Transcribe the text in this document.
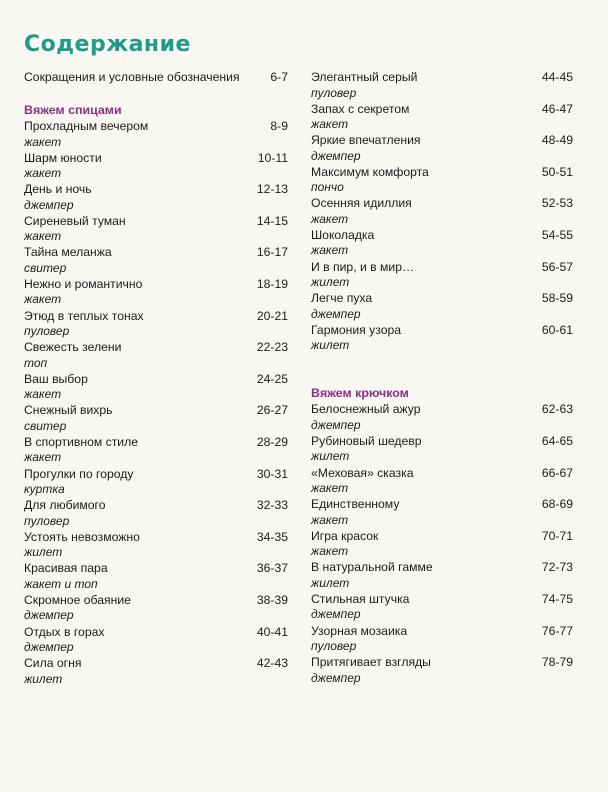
Содержание
Сокращения и условные обозначения	6-7
Вяжем спицами
Прохладным вечером
жакет
8-9
Шарм юности
жакет
10-11
День и ночь
джемпер
12-13
Сиреневый туман
жакет
14-15
Тайна меланжа
свитер
16-17
Нежно и романтично
жакет
18-19
Этюд в теплых тонах
пуловер
20-21
Свежесть зелени
топ
22-23
Ваш выбор
жакет
24-25
Снежный вихрь
свитер
26-27
В спортивном стиле
жакет
28-29
Прогулки по городу
куртка
30-31
Для любимого
пуловер
32-33
Устоять невозможно
жилет
34-35
Красивая пара
жакет и топ
36-37
Скромное обаяние
джемпер
38-39
Отдых в горах
джемпер
40-41
Сила огня
жилет
42-43
Элегантный серый
пуловер
44-45
Запах с секретом
жакет
46-47
Яркие впечатления
джемпер
48-49
Максимум комфорта
пончо
50-51
Осенняя идиллия
жакет
52-53
Шоколадка
жакет
54-55
И в пир, и в мир…
жилет
56-57
Легче пуха
джемпер
58-59
Гармония узора
жилет
60-61
Вяжем крючком
Белоснежный ажур
джемпер
62-63
Рубиновый шедевр
жилет
64-65
«Меховая» сказка
жакет
66-67
Единственному
жакет
68-69
Игра красок
жакет
70-71
В натуральной гамме
жилет
72-73
Стильная штучка
джемпер
74-75
Узорная мозаика
пуловер
76-77
Притягивает взгляды
джемпер
78-79
